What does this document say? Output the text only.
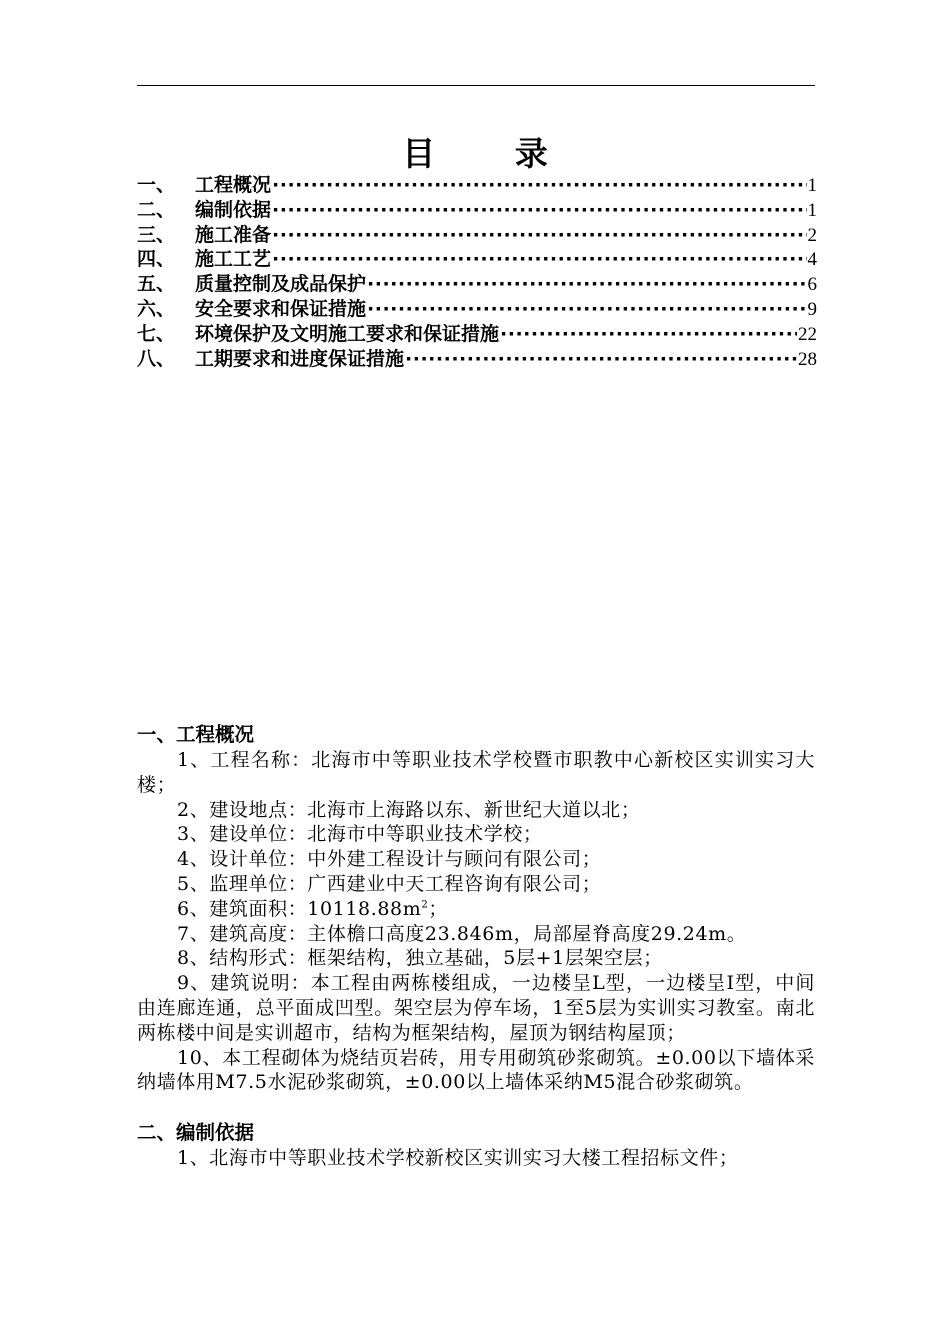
目 录
一、	工程概况 ·····	1
二、	编制依据 ·····	1
三、	施工准备 ·····	2
四、	施工工艺 ·····	4
五、	质量控制及成品保护 ·····	6
六、	安全要求和保证措施 ·····	9
七、	环境保护及文明施工要求和保证措施 ·····	22
八、	工期要求和进度保证措施 ·····	28
一、工程概况

1、工程名称：北海市中等职业技术学校暨市职教中心新校区实训实习大楼；

2、建设地点：北海市上海路以东、新世纪大道以北；

3、建设单位：北海市中等职业技术学校；

4、设计单位：中外建工程设计与顾问有限公司；

5、监理单位：广西建业中天工程咨询有限公司；

6、建筑面积：$10118.88m^2$；

7、建筑高度：主体檐口高度23.846m，局部屋脊高度29.24m。

8、结构形式：框架结构，独立基础，5层+1层架空层；

9、建筑说明：本工程由两栋楼组成，一边楼呈L型，一边楼呈I型，中间由连廊连通，总平面成凹型。架空层为停车场，1至5层为实训实习教室。南北两栋楼中间是实训超市，结构为框架结构，屋顶为钢结构屋顶；

10、本工程砌体为烧结页岩砖，用专用砌筑砂浆砌筑。±0.00以下墙体采纳墙体用M7.5水泥砂浆砌筑，±0.00以上墙体采纳M5混合砂浆砌筑。

二、编制依据

1、北海市中等职业技术学校新校区实训实习大楼工程招标文件；
